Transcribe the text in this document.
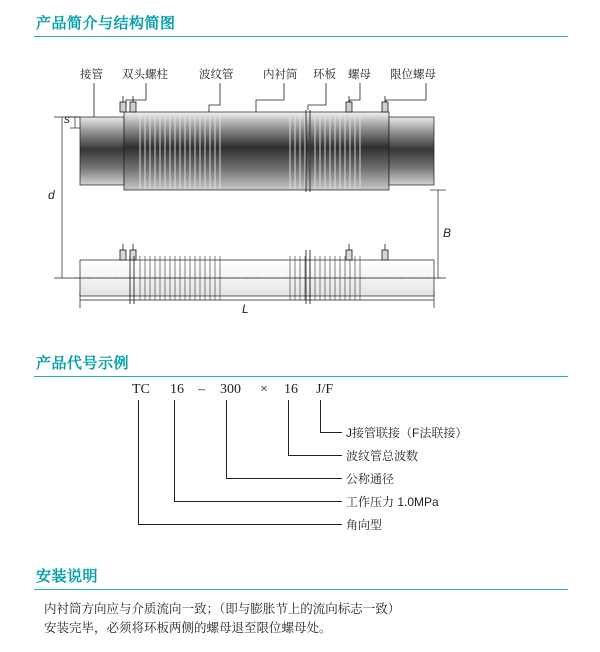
产品简介与结构简图
接管 双头螺柱	波纹管	内衬筒 环板 螺母 限位螺母
s
d
B
L
产品代号示例
TC 16 – 300 × 16 J/F
J接管联接（F法联接）
波纹管总波数
公称通径
工作压力 1.0MPa
角向型
安装说明
内衬筒方向应与介质流向一致；（即与膨胀节上的流向标志一致）
安装完毕，必须将环板两侧的螺母退至限位螺母处。
